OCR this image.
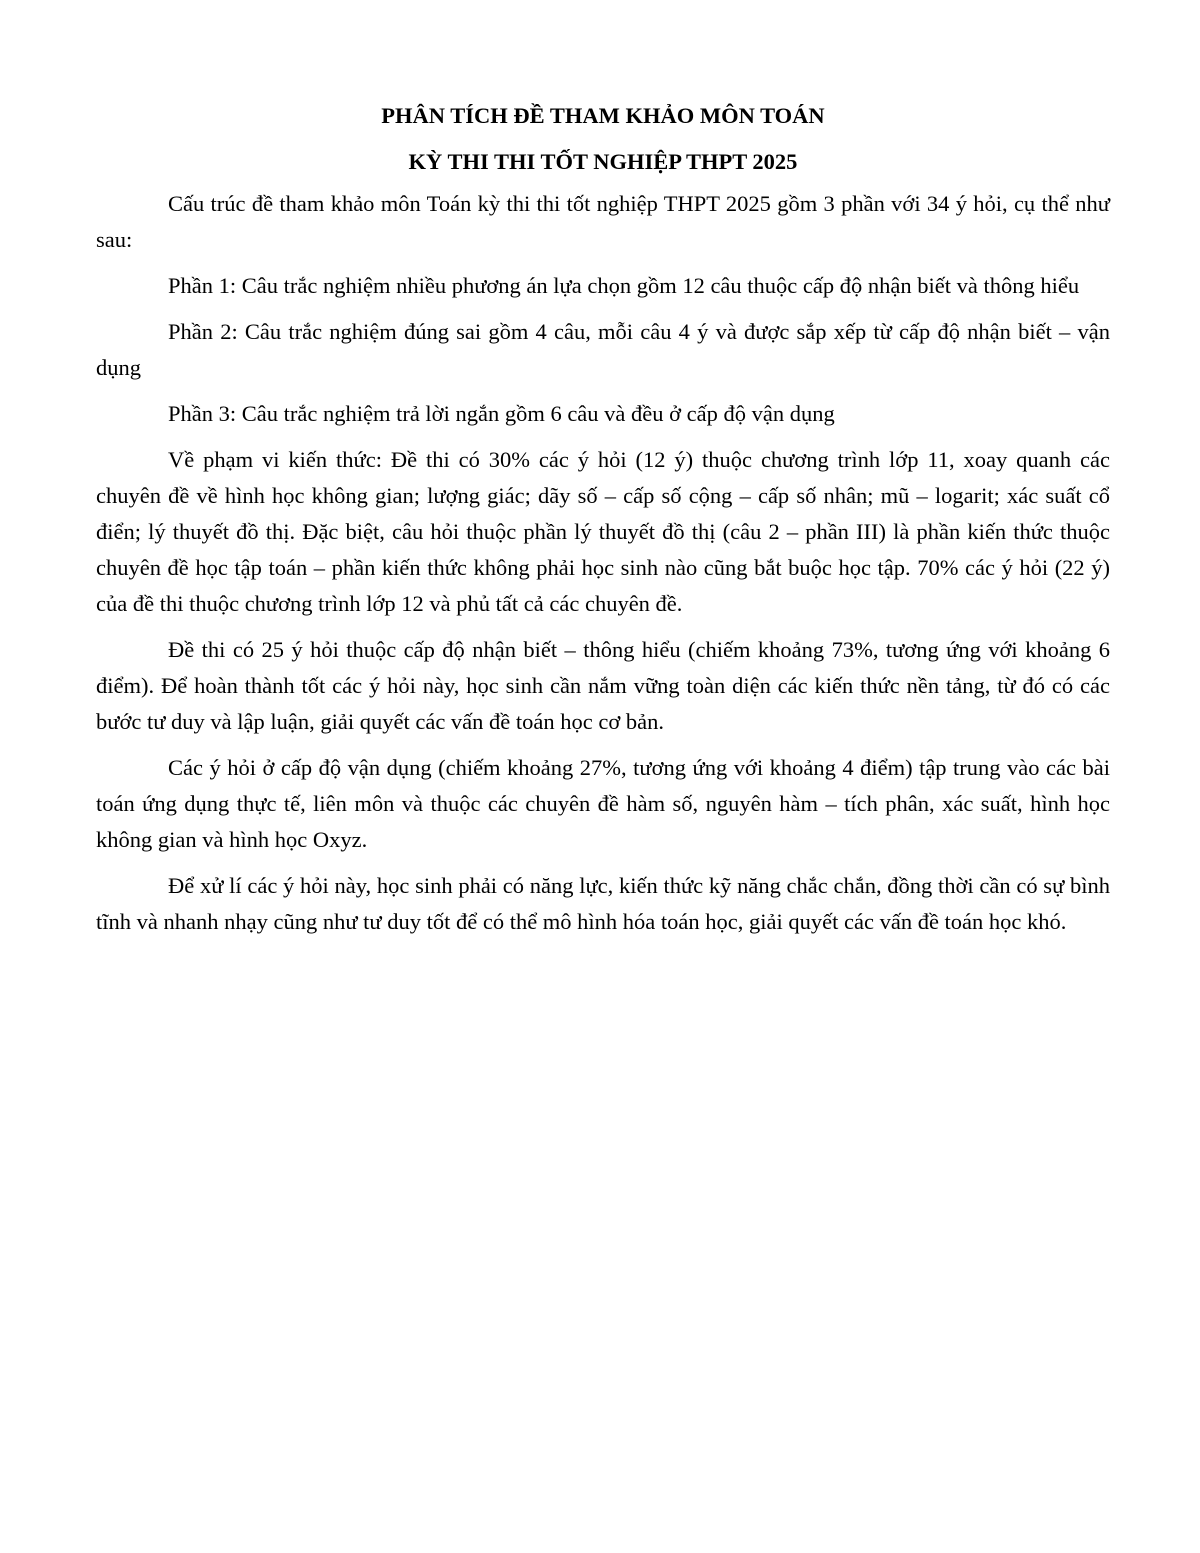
PHÂN TÍCH ĐỀ THAM KHẢO MÔN TOÁN

KỲ THI THI TỐT NGHIỆP THPT 2025

Cấu trúc đề tham khảo môn Toán kỳ thi thi tốt nghiệp THPT 2025 gồm 3 phần với 34 ý hỏi, cụ thể như sau:

Phần 1: Câu trắc nghiệm nhiều phương án lựa chọn gồm 12 câu thuộc cấp độ nhận biết và thông hiểu

Phần 2: Câu trắc nghiệm đúng sai gồm 4 câu, mỗi câu 4 ý và được sắp xếp từ cấp độ nhận biết – vận dụng

Phần 3: Câu trắc nghiệm trả lời ngắn gồm 6 câu và đều ở cấp độ vận dụng

Về phạm vi kiến thức: Đề thi có 30% các ý hỏi (12 ý) thuộc chương trình lớp 11, xoay quanh các chuyên đề về hình học không gian; lượng giác; dãy số – cấp số cộng – cấp số nhân; mũ – logarit; xác suất cổ điển; lý thuyết đồ thị. Đặc biệt, câu hỏi thuộc phần lý thuyết đồ thị (câu 2 – phần III) là phần kiến thức thuộc chuyên đề học tập toán – phần kiến thức không phải học sinh nào cũng bắt buộc học tập. 70% các ý hỏi (22 ý) của đề thi thuộc chương trình lớp 12 và phủ tất cả các chuyên đề.

Đề thi có 25 ý hỏi thuộc cấp độ nhận biết – thông hiểu (chiếm khoảng 73%, tương ứng với khoảng 6 điểm). Để hoàn thành tốt các ý hỏi này, học sinh cần nắm vững toàn diện các kiến thức nền tảng, từ đó có các bước tư duy và lập luận, giải quyết các vấn đề toán học cơ bản.

Các ý hỏi ở cấp độ vận dụng (chiếm khoảng 27%, tương ứng với khoảng 4 điểm) tập trung vào các bài toán ứng dụng thực tế, liên môn và thuộc các chuyên đề hàm số, nguyên hàm – tích phân, xác suất, hình học không gian và hình học Oxyz.

Để xử lí các ý hỏi này, học sinh phải có năng lực, kiến thức kỹ năng chắc chắn, đồng thời cần có sự bình tĩnh và nhanh nhạy cũng như tư duy tốt để có thể mô hình hóa toán học, giải quyết các vấn đề toán học khó.
